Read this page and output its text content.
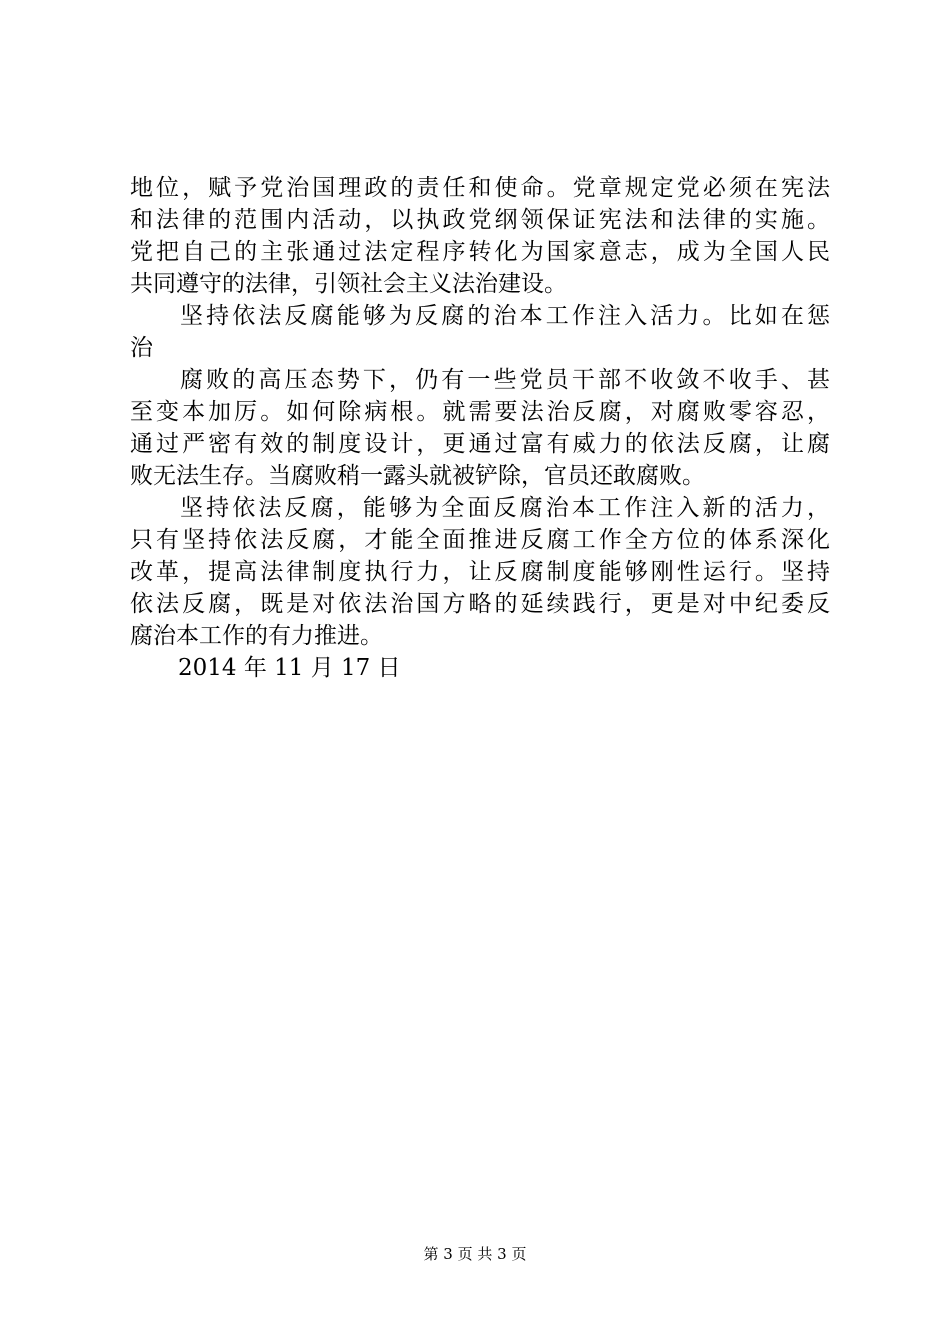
地位，赋予党治国理政的责任和使命。党章规定党必须在宪法
和法律的范围内活动，以执政党纲领保证宪法和法律的实施。
党把自己的主张通过法定程序转化为国家意志，成为全国人民
共同遵守的法律，引领社会主义法治建设。
坚持依法反腐能够为反腐的治本工作注入活力。比如在惩
治
腐败的高压态势下，仍有一些党员干部不收敛不收手、甚
至变本加厉。如何除病根。就需要法治反腐，对腐败零容忍，
通过严密有效的制度设计，更通过富有威力的依法反腐，让腐
败无法生存。当腐败稍一露头就被铲除，官员还敢腐败。
坚持依法反腐，能够为全面反腐治本工作注入新的活力，
只有坚持依法反腐，才能全面推进反腐工作全方位的体系深化
改革，提高法律制度执行力，让反腐制度能够刚性运行。坚持
依法反腐，既是对依法治国方略的延续践行，更是对中纪委反
腐治本工作的有力推进。
2014 年 11 月 17 日
第 3 页 共 3 页
